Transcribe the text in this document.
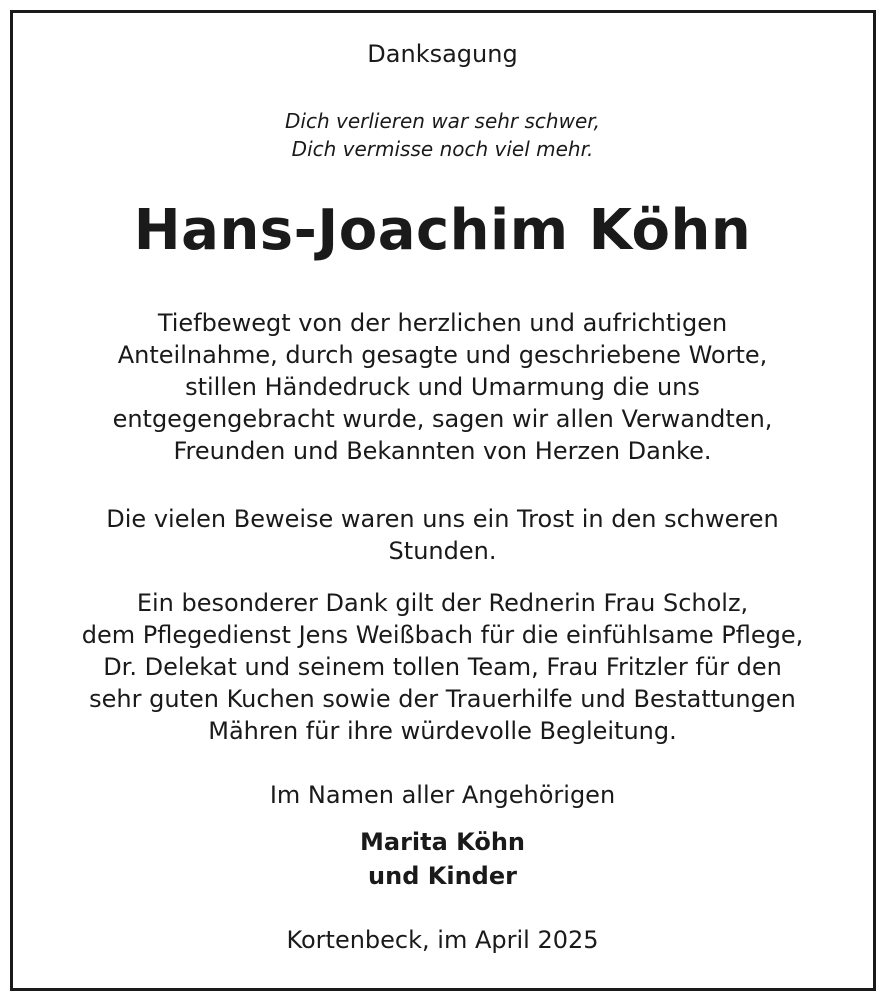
Danksagung

Dich verlieren war sehr schwer,

Dich vermisse noch viel mehr.

Hans-Joachim Köhn

Tiefbewegt von der herzlichen und aufrichtigen

Anteilnahme, durch gesagte und geschriebene Worte,

stillen Händedruck und Umarmung die uns

entgegengebracht wurde, sagen wir allen Verwandten,

Freunden und Bekannten von Herzen Danke.

Die vielen Beweise waren uns ein Trost in den schweren

Stunden.

Ein besonderer Dank gilt der Rednerin Frau Scholz,

dem Pflegedienst Jens Weißbach für die einfühlsame Pflege,

Dr. Delekat und seinem tollen Team, Frau Fritzler für den

sehr guten Kuchen sowie der Trauerhilfe und Bestattungen

Mähren für ihre würdevolle Begleitung.

Im Namen aller Angehörigen

Marita Köhn

und Kinder

Kortenbeck, im April 2025
